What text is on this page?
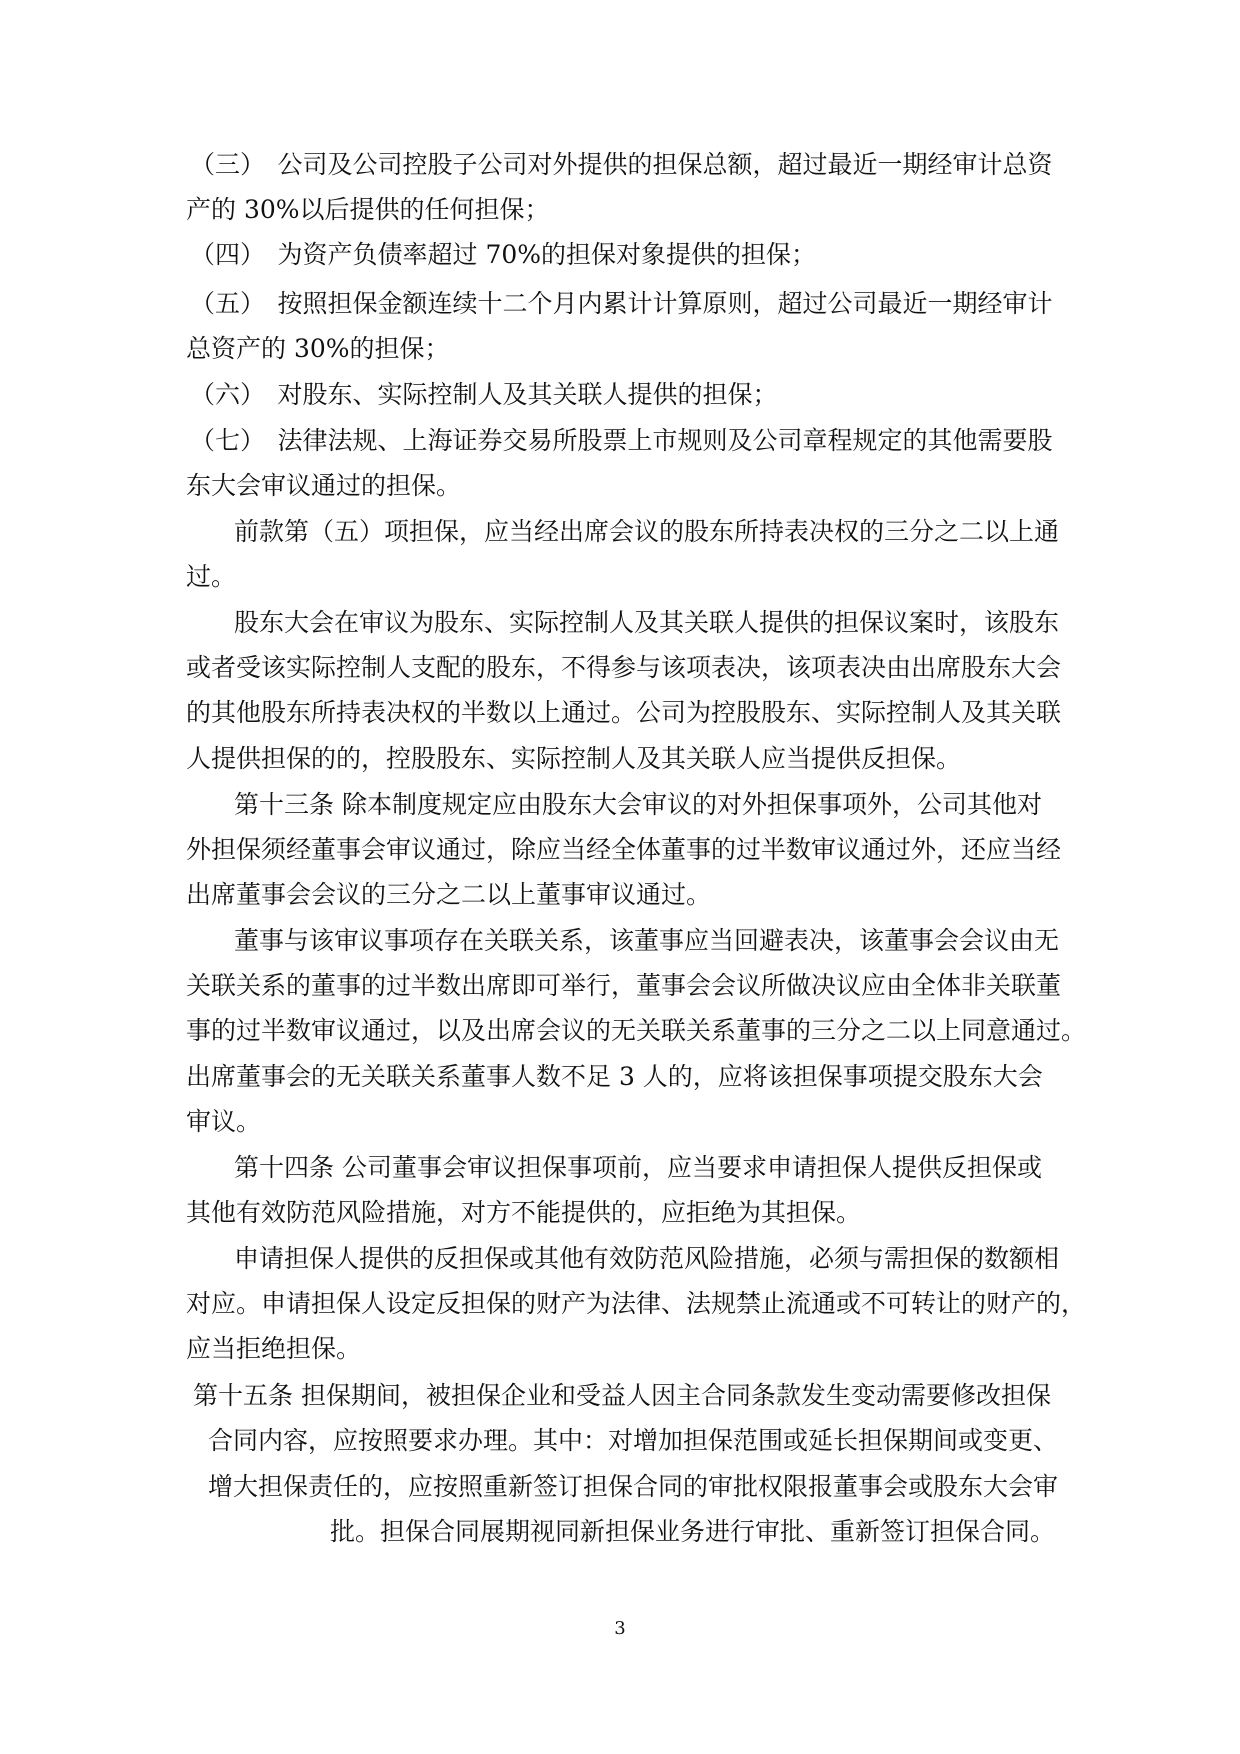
（三）　公司及公司控股子公司对外提供的担保总额，超过最近一期经审计总资
产的 30%以后提供的任何担保；
（四）　为资产负债率超过 70%的担保对象提供的担保；
（五）　按照担保金额连续十二个月内累计计算原则，超过公司最近一期经审计
总资产的 30%的担保；
（六）　对股东、实际控制人及其关联人提供的担保；
（七）　法律法规、上海证券交易所股票上市规则及公司章程规定的其他需要股
东大会审议通过的担保。
前款第（五）项担保，应当经出席会议的股东所持表决权的三分之二以上通
过。
股东大会在审议为股东、实际控制人及其关联人提供的担保议案时，该股东
或者受该实际控制人支配的股东，不得参与该项表决，该项表决由出席股东大会
的其他股东所持表决权的半数以上通过。公司为控股股东、实际控制人及其关联
人提供担保的的，控股股东、实际控制人及其关联人应当提供反担保。
第十三条 除本制度规定应由股东大会审议的对外担保事项外，公司其他对
外担保须经董事会审议通过，除应当经全体董事的过半数审议通过外，还应当经
出席董事会会议的三分之二以上董事审议通过。
董事与该审议事项存在关联关系，该董事应当回避表决，该董事会会议由无
关联关系的董事的过半数出席即可举行，董事会会议所做决议应由全体非关联董
事的过半数审议通过，以及出席会议的无关联关系董事的三分之二以上同意通过。
出席董事会的无关联关系董事人数不足 3 人的，应将该担保事项提交股东大会
审议。
第十四条 公司董事会审议担保事项前，应当要求申请担保人提供反担保或
其他有效防范风险措施，对方不能提供的，应拒绝为其担保。
申请担保人提供的反担保或其他有效防范风险措施，必须与需担保的数额相
对应。申请担保人设定反担保的财产为法律、法规禁止流通或不可转让的财产的，
应当拒绝担保。
第十五条 担保期间，被担保企业和受益人因主合同条款发生变动需要修改担保
合同内容，应按照要求办理。其中：对增加担保范围或延长担保期间或变更、
增大担保责任的，应按照重新签订担保合同的审批权限报董事会或股东大会审
批。担保合同展期视同新担保业务进行审批、重新签订担保合同。
3
